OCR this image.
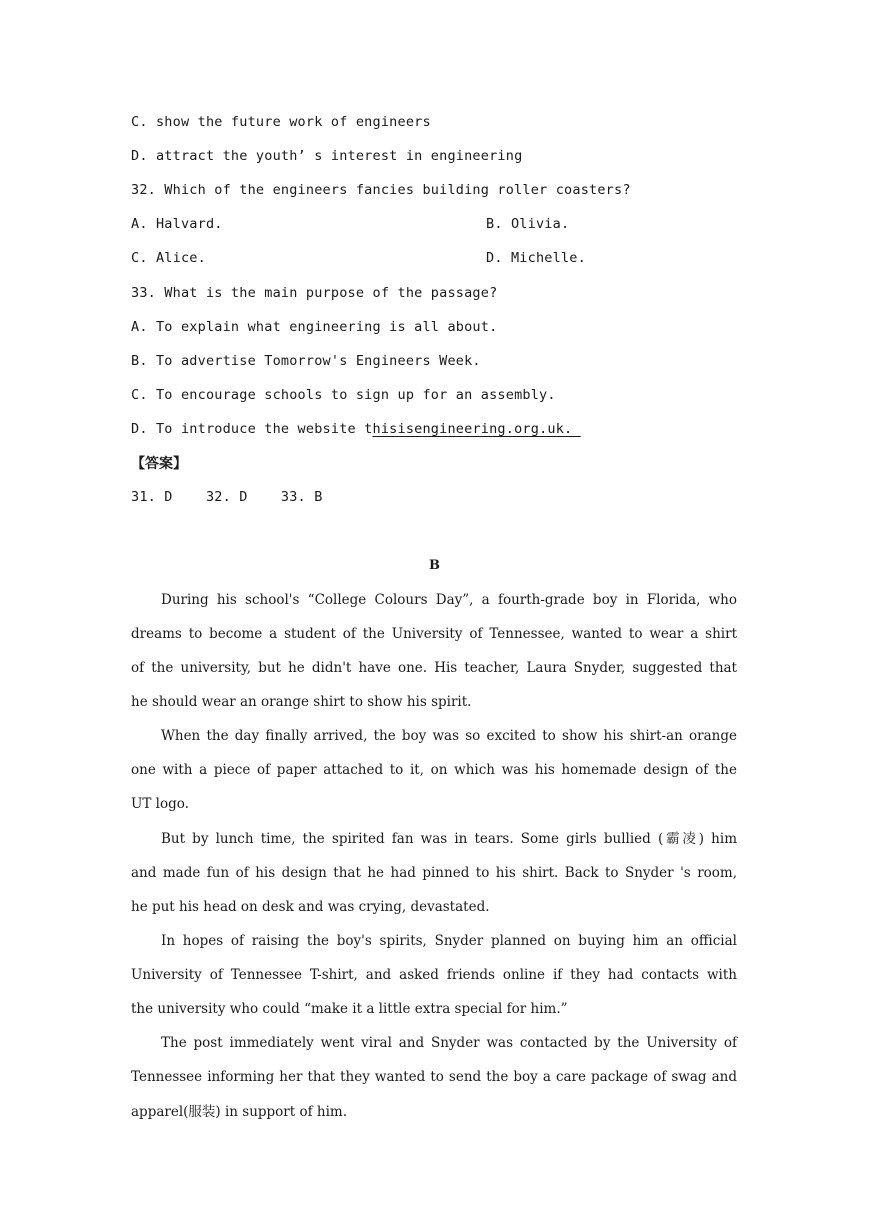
C. show the future work of engineers
D. attract the youth’ s interest in engineering
32. Which of the engineers fancies building roller coasters?
A. Halvard.	B. Olivia.
C. Alice.	D. Michelle.
33. What is the main purpose of the passage?
A. To explain what engineering is all about.
B. To advertise Tomorrow's Engineers Week.
C. To encourage schools to sign up for an assembly.
D. To introduce the website thisisengineering.org.uk.
【答案】
31. D    32. D    33. B
B
During his school's “College Colours Day”, a fourth-grade boy in Florida, who
dreams to become a student of the University of Tennessee, wanted to wear a shirt
of the university, but he didn't have one. His teacher, Laura Snyder, suggested that
he should wear an orange shirt to show his spirit.
When the day finally arrived, the boy was so excited to show his shirt-an orange
one with a piece of paper attached to it, on which was his homemade design of the
UT logo.
But by lunch time, the spirited fan was in tears. Some girls bullied (霸凌) him
and made fun of his design that he had pinned to his shirt. Back to Snyder 's room,
he put his head on desk and was crying, devastated.
In hopes of raising the boy's spirits, Snyder planned on buying him an official
University of Tennessee T-shirt, and asked friends online if they had contacts with
the university who could “make it a little extra special for him.”
The post immediately went viral and Snyder was contacted by the University of
Tennessee informing her that they wanted to send the boy a care package of swag and
apparel(服装) in support of him.
